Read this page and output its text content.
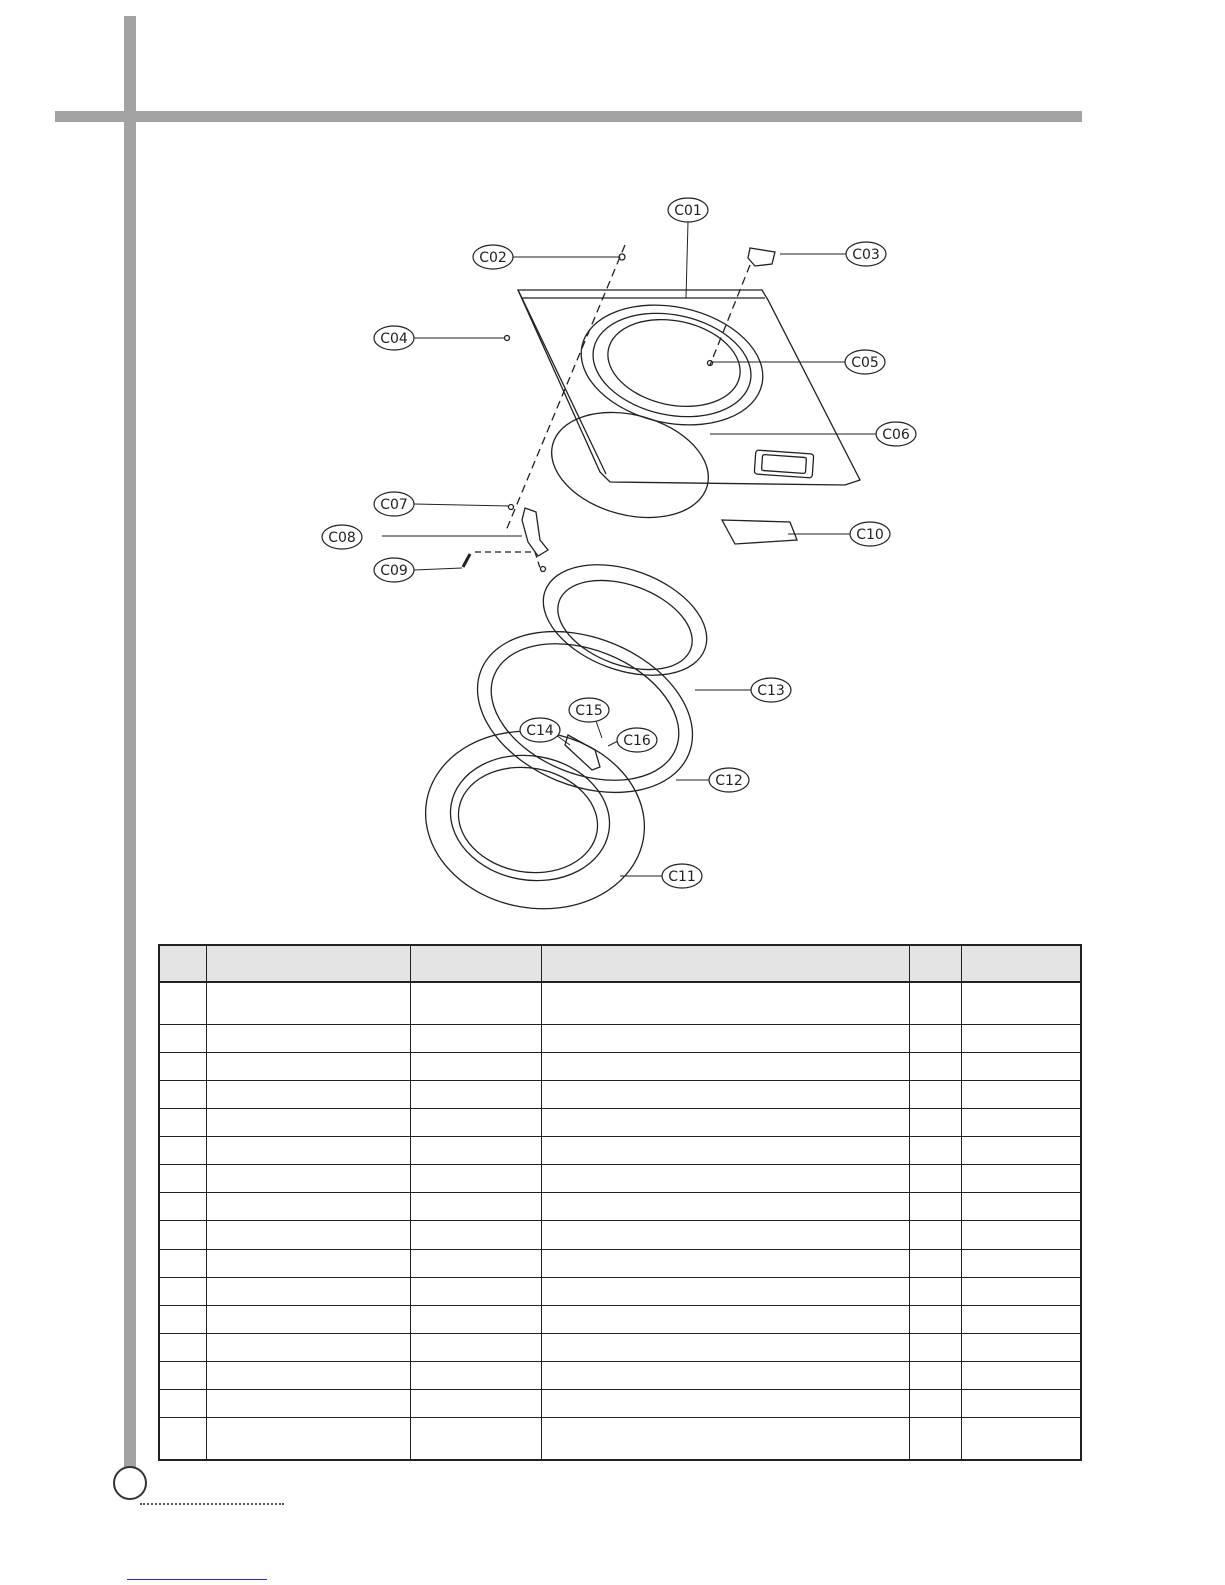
C01
C02	C03
C04
C05
C06
C07
C08
C09
C10
C11
C12
C13
C14
C15
C16
